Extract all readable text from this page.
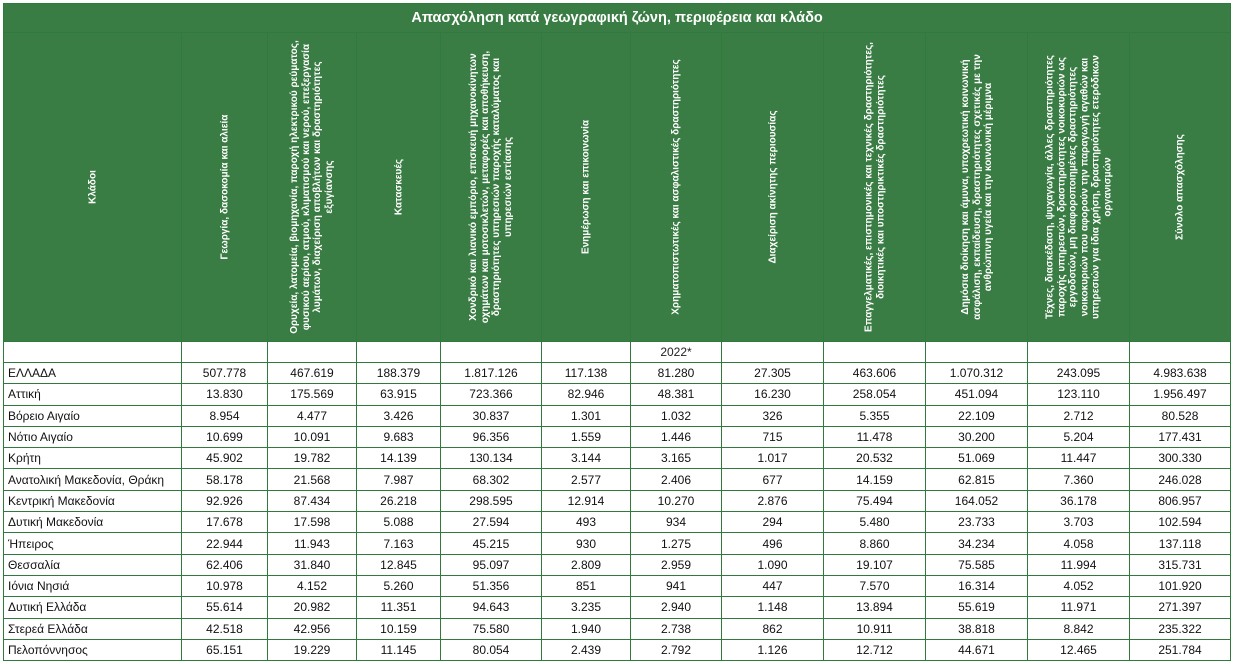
Απασχόληση κατά γεωγραφική ζώνη, περιφέρεια και κλάδο											

Κλάδοι	Γεωργία, δασοκομία και αλιεία	Ορυχεία, λατομεία, βιομηχανία, παροχή ηλεκτρικού ρεύματος, φυσικού αερίου, ατμού, κλιματισμού και νερού, επεξεργασία λυμάτων, διαχείριση αποβλήτων και δραστηριότητες εξυγίανσης	Κατασκευές	Χονδρικό και λιανικό εμπόριο, επισκευή μηχανοκίνητων οχημάτων και μοτοσικλετών, μεταφορές και αποθήκευση, δραστηριότητες υπηρεσιών παροχής καταλύματος και υπηρεσιών εστίασης	Ενημέρωση και επικοινωνία	Χρηματοπιστωτικές και ασφαλιστικές δραστηριότητες	Διαχείριση ακίνητης περιουσίας	Επαγγελματικές, επιστημονικές και τεχνικές δραστηριότητες, διοικητικές και υποστηρικτικές δραστηριότητες	Δημόσια διοίκηση και άμυνα, υποχρεωτική κοινωνική ασφάλιση, εκπαίδευση, δραστηριότητες σχετικές με την ανθρώπινη υγεία και την κοινωνική μέριμνα	Τέχνες, διασκέδαση, ψυχαγωγία, άλλες δραστηριότητες παροχής υπηρεσιών, δραστηριότητες νοικοκυριών ως εργοδοτών, μη διαφοροποιημένες δραστηριότητες νοικοκυριών που αφορούν την παραγωγή αγαθών και υπηρεσιών για ίδια χρήση, δραστηριότητες ετερόδικων οργανισμών	Σύνολο απασχόλησης

						2022*					
ΕΛΛΑΔΑ	507.778	467.619	188.379	1.817.126	117.138	81.280	27.305	463.606	1.070.312	243.095	4.983.638
Αττική	13.830	175.569	63.915	723.366	82.946	48.381	16.230	258.054	451.094	123.110	1.956.497
Βόρειο Αιγαίο	8.954	4.477	3.426	30.837	1.301	1.032	326	5.355	22.109	2.712	80.528
Νότιο Αιγαίο	10.699	10.091	9.683	96.356	1.559	1.446	715	11.478	30.200	5.204	177.431
Κρήτη	45.902	19.782	14.139	130.134	3.144	3.165	1.017	20.532	51.069	11.447	300.330
Ανατολική Μακεδονία, Θράκη	58.178	21.568	7.987	68.302	2.577	2.406	677	14.159	62.815	7.360	246.028
Κεντρική Μακεδονία	92.926	87.434	26.218	298.595	12.914	10.270	2.876	75.494	164.052	36.178	806.957
Δυτική Μακεδονία	17.678	17.598	5.088	27.594	493	934	294	5.480	23.733	3.703	102.594
Ήπειρος	22.944	11.943	7.163	45.215	930	1.275	496	8.860	34.234	4.058	137.118
Θεσσαλία	62.406	31.840	12.845	95.097	2.809	2.959	1.090	19.107	75.585	11.994	315.731
Ιόνια Νησιά	10.978	4.152	5.260	51.356	851	941	447	7.570	16.314	4.052	101.920
Δυτική Ελλάδα	55.614	20.982	11.351	94.643	3.235	2.940	1.148	13.894	55.619	11.971	271.397
Στερεά Ελλάδα	42.518	42.956	10.159	75.580	1.940	2.738	862	10.911	38.818	8.842	235.322
Πελοπόννησος	65.151	19.229	11.145	80.054	2.439	2.792	1.126	12.712	44.671	12.465	251.784
